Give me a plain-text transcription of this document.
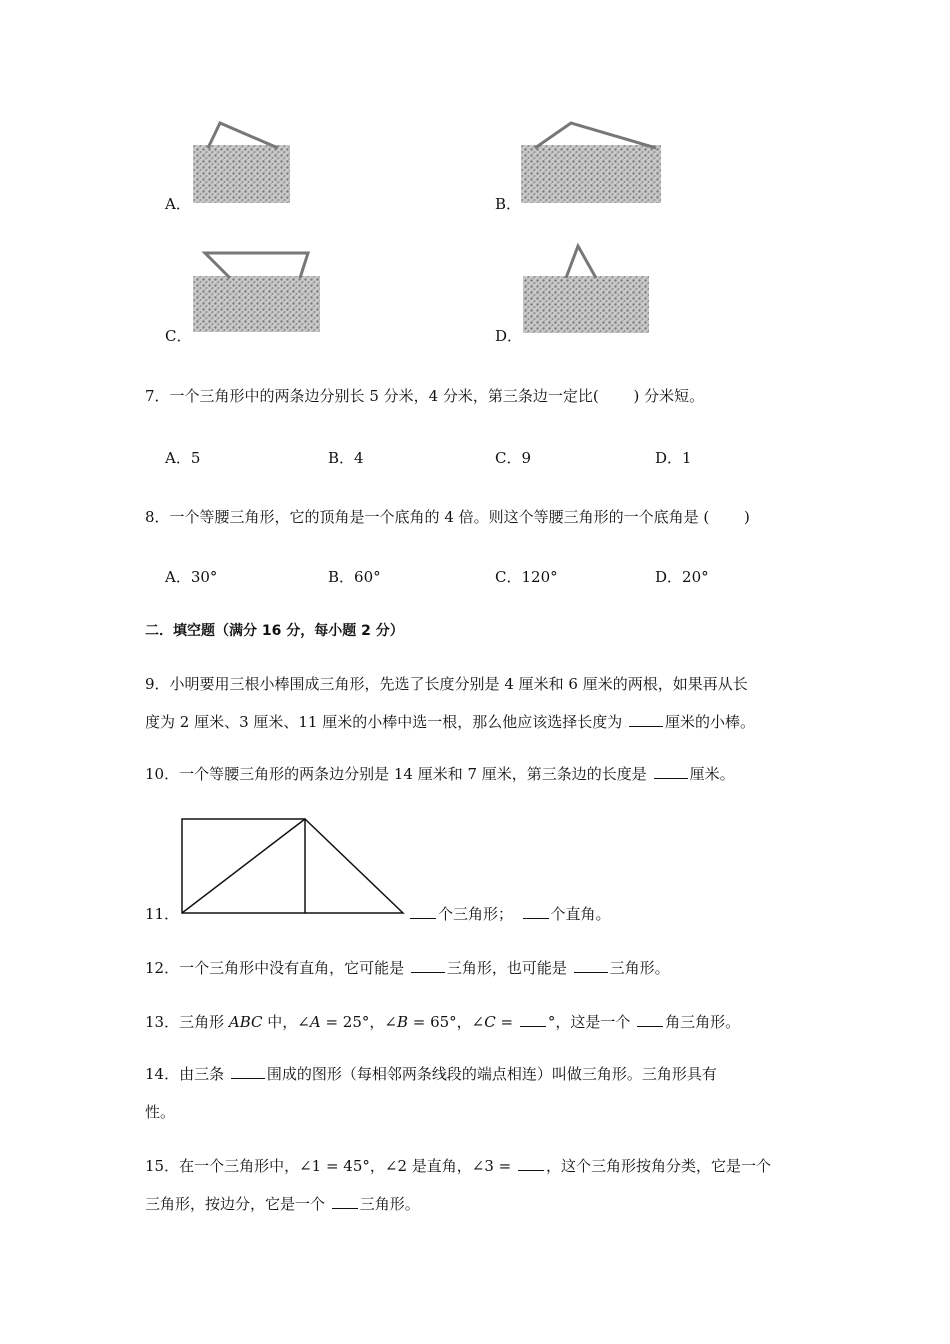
A．	B．
C．	D．
7．一个三角形中的两条边分别长 5 分米，4 分米，第三条边一定比(　　 ) 分米短。
A．5	B．4	C．9	D．1
8．一个等腰三角形，它的顶角是一个底角的 4 倍。则这个等腰三角形的一个底角是 (　　 )
A．30°	B．60°	C．120°	D．20°
二．填空题（满分 16 分，每小题 2 分）
9．小明要用三根小棒围成三角形，先选了长度分别是 4 厘米和 6 厘米的两根，如果再从长
度为 2 厘米、3 厘米、11 厘米的小棒中选一根，那么他应该选择长度为	厘米的小棒。
10．一个等腰三角形的两条边分别是 14 厘米和 7 厘米，第三条边的长度是	厘米。
11．	个三角形；　	个直角。
12．一个三角形中没有直角，它可能是	三角形，也可能是	三角形。
13．三角形 ABC 中，∠A = 25°，∠B = 65°，∠C = °，这是一个 角三角形。
14．由三条	围成的图形（每相邻两条线段的端点相连）叫做三角形。三角形具有
性。
15．在一个三角形中，∠1 = 45°，∠2 是直角，∠3 = ，这个三角形按角分类，它是一个
三角形，按边分，它是一个 三角形。
